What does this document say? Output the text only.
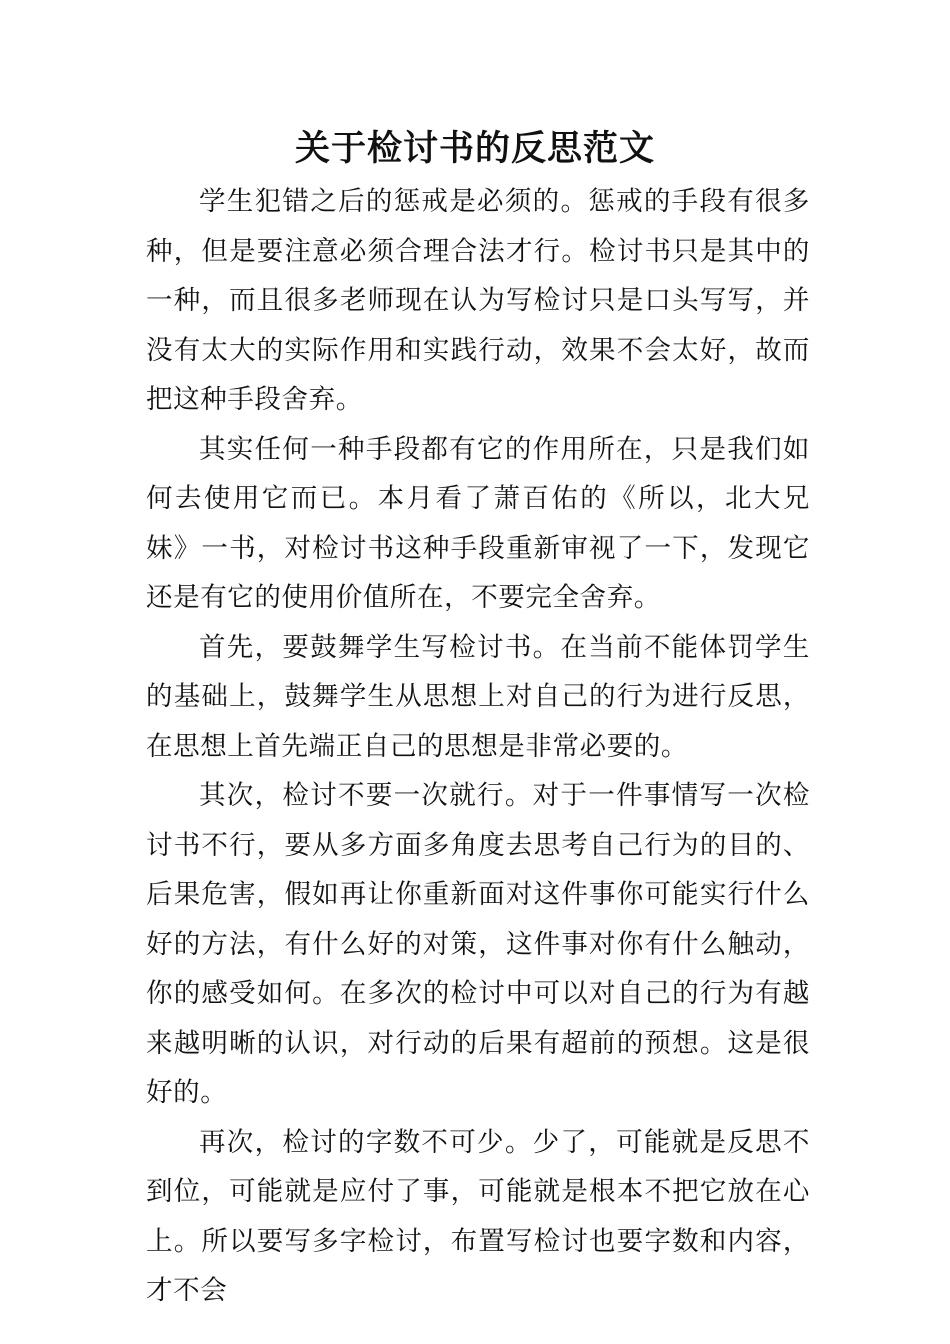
关于检讨书的反思范文

学生犯错之后的惩戒是必须的。惩戒的手段有很多种，但是要注意必须合理合法才行。检讨书只是其中的一种，而且很多老师现在认为写检讨只是口头写写，并没有太大的实际作用和实践行动，效果不会太好，故而把这种手段舍弃。

其实任何一种手段都有它的作用所在，只是我们如何去使用它而已。本月看了萧百佑的《所以，北大兄妹》一书，对检讨书这种手段重新审视了一下，发现它还是有它的使用价值所在，不要完全舍弃。

首先，要鼓舞学生写检讨书。在当前不能体罚学生的基础上，鼓舞学生从思想上对自己的行为进行反思，在思想上首先端正自己的思想是非常必要的。

其次，检讨不要一次就行。对于一件事情写一次检讨书不行，要从多方面多角度去思考自己行为的目的、后果危害，假如再让你重新面对这件事你可能实行什么好的方法，有什么好的对策，这件事对你有什么触动，你的感受如何。在多次的检讨中可以对自己的行为有越来越明晰的认识，对行动的后果有超前的预想。这是很好的。

再次，检讨的字数不可少。少了，可能就是反思不到位，可能就是应付了事，可能就是根本不把它放在心上。所以要写多字检讨，布置写检讨也要字数和内容，才不会
